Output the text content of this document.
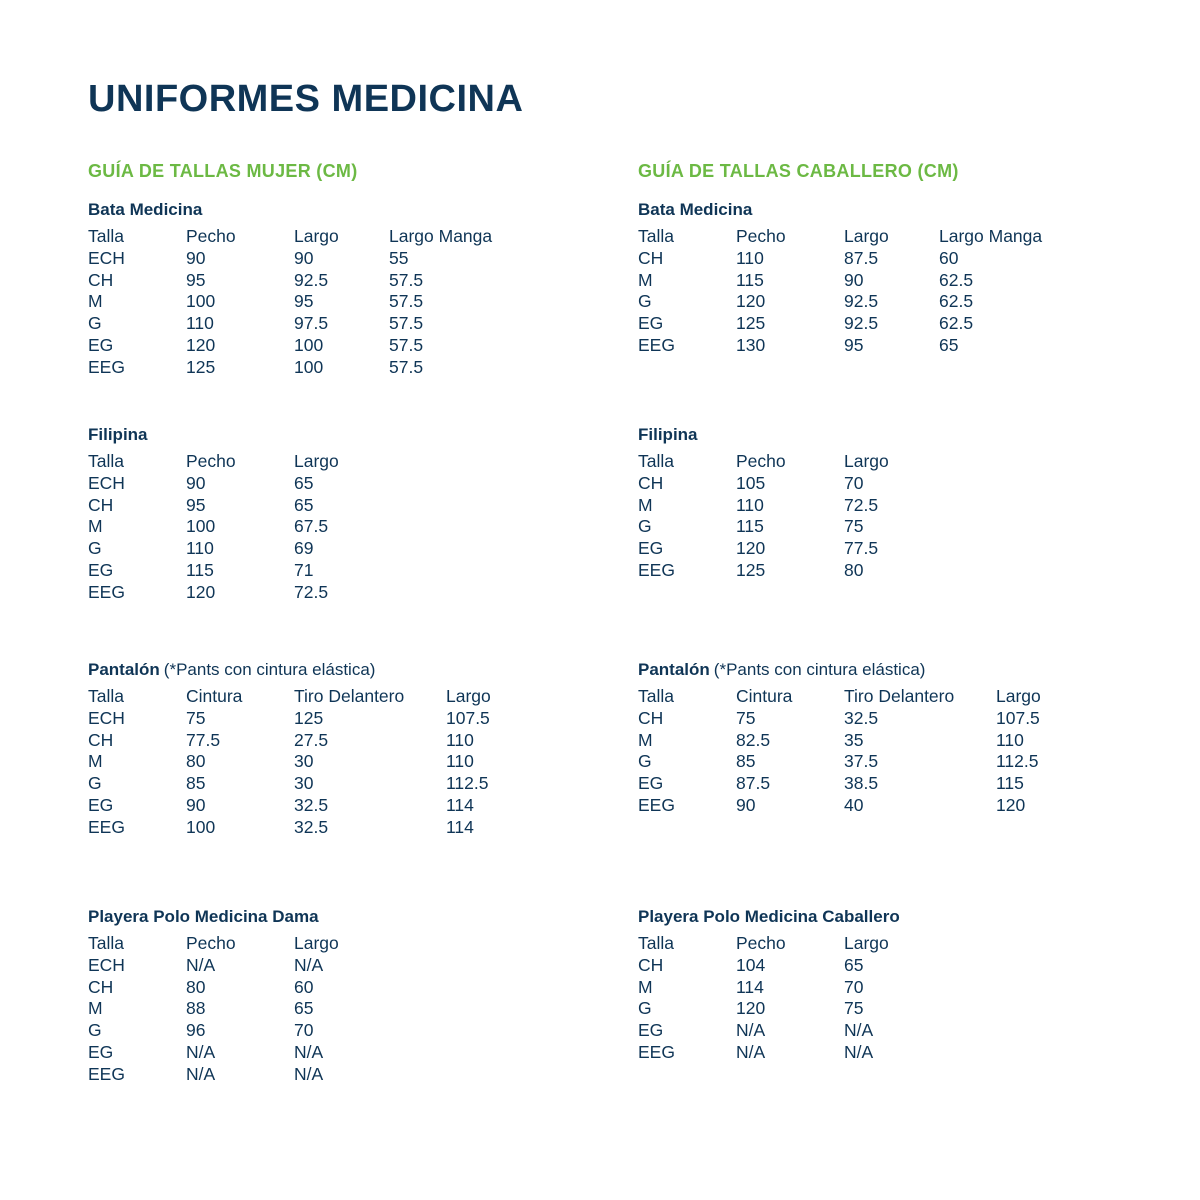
UNIFORMES MEDICINA
GUÍA DE TALLAS MUJER (CM)
Bata Medicina
Talla	Pecho	Largo	Largo Manga
ECH	90	90	55
CH	95	92.5	57.5
M	100	95	57.5
G	110	97.5	57.5
EG	120	100	57.5
EEG	125	100	57.5
Filipina
Talla	Pecho	Largo
ECH	90	65
CH	95	65
M	100	67.5
G	110	69
EG	115	71
EEG	120	72.5
Pantalón (*Pants con cintura elástica)
Talla	Cintura	Tiro Delantero	Largo
ECH	75	125	107.5
CH	77.5	27.5	110
M	80	30	110
G	85	30	112.5
EG	90	32.5	114
EEG	100	32.5	114
Playera Polo Medicina Dama
Talla	Pecho	Largo
ECH	N/A	N/A
CH	80	60
M	88	65
G	96	70
EG	N/A	N/A
EEG	N/A	N/A
GUÍA DE TALLAS CABALLERO (CM)
Bata Medicina
Talla	Pecho	Largo	Largo Manga
CH	110	87.5	60
M	115	90	62.5
G	120	92.5	62.5
EG	125	92.5	62.5
EEG	130	95	65
Filipina
Talla	Pecho	Largo
CH	105	70
M	110	72.5
G	115	75
EG	120	77.5
EEG	125	80
Pantalón (*Pants con cintura elástica)
Talla	Cintura	Tiro Delantero	Largo
CH	75	32.5	107.5
M	82.5	35	110
G	85	37.5	112.5
EG	87.5	38.5	115
EEG	90	40	120
Playera Polo Medicina Caballero
Talla	Pecho	Largo
CH	104	65
M	114	70
G	120	75
EG	N/A	N/A
EEG	N/A	N/A
